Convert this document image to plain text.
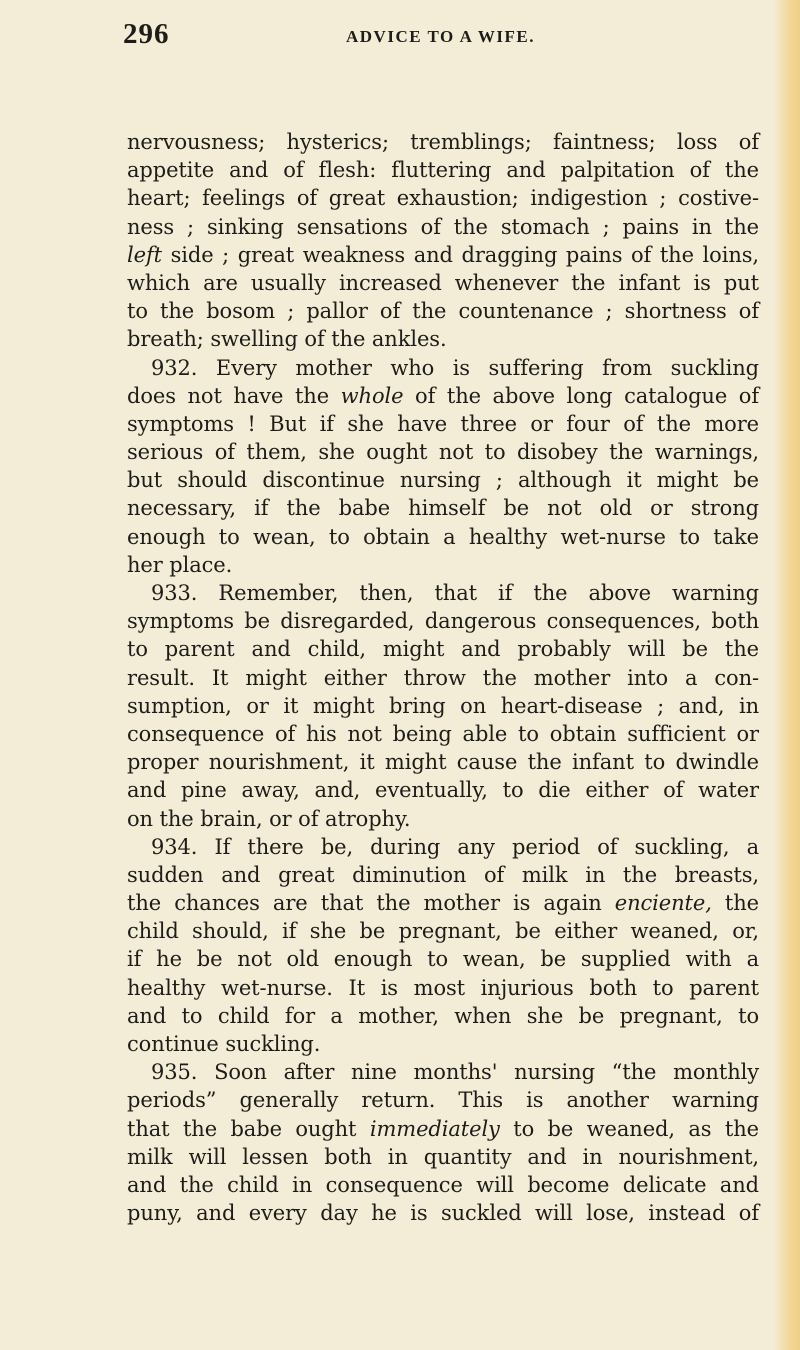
296	ADVICE TO A WIFE.
nervousness; hysterics; tremblings; faintness; loss of
appetite and of flesh: fluttering and palpitation of the
heart; feelings of great exhaustion; indigestion ; costive-
ness ; sinking sensations of the stomach ; pains in the
left side ; great weakness and dragging pains of the loins,
which are usually increased whenever the infant is put
to the bosom ; pallor of the countenance ; shortness of
breath; swelling of the ankles.
932. Every mother who is suffering from suckling
does not have the whole of the above long catalogue of
symptoms ! But if she have three or four of the more
serious of them, she ought not to disobey the warnings,
but should discontinue nursing ; although it might be
necessary, if the babe himself be not old or strong
enough to wean, to obtain a healthy wet-nurse to take
her place.
933. Remember, then, that if the above warning
symptoms be disregarded, dangerous consequences, both
to parent and child, might and probably will be the
result. It might either throw the mother into a con-
sumption, or it might bring on heart-disease ; and, in
consequence of his not being able to obtain sufficient or
proper nourishment, it might cause the infant to dwindle
and pine away, and, eventually, to die either of water
on the brain, or of atrophy.
934. If there be, during any period of suckling, a
sudden and great diminution of milk in the breasts,
the chances are that the mother is again enciente, the
child should, if she be pregnant, be either weaned, or,
if he be not old enough to wean, be supplied with a
healthy wet-nurse. It is most injurious both to parent
and to child for a mother, when she be pregnant, to
continue suckling.
935. Soon after nine months' nursing “the monthly
periods” generally return. This is another warning
that the babe ought immediately to be weaned, as the
milk will lessen both in quantity and in nourishment,
and the child in consequence will become delicate and
puny, and every day he is suckled will lose, instead of
